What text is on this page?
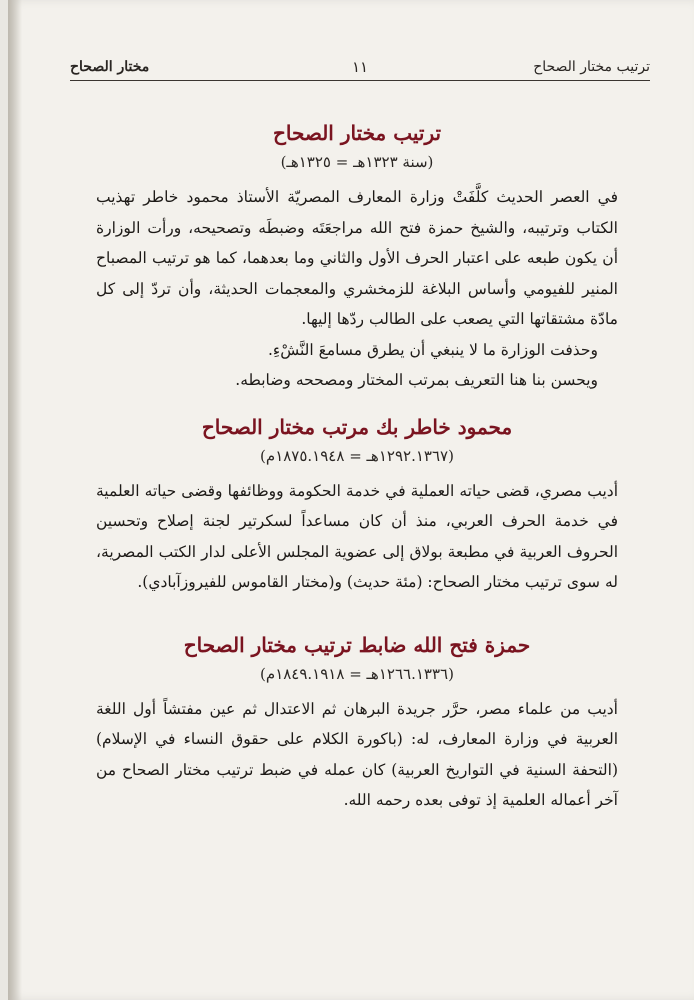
ترتيب مختار الصحاح
١١
مختار الصحاح
ترتيب مختار الصحاح
(سنة ١٣٢٣هـ = ١٣٢٥هـ)

في العصر الحديث كلَّفَتْ وزارة المعارف المصريّة الأستاذ محمود خاطر تهذيب الكتاب وترتيبه، والشيخ حمزة فتح الله مراجعَتَه وضبطَه وتصحيحه، ورأت الوزارة أن يكون طبعه على اعتبار الحرف الأول والثاني وما بعدهما، كما هو ترتيب المصباح المنير للفيومي وأساس البلاغة للزمخشري والمعجمات الحديثة، وأن تردّ إلى كل مادّة مشتقاتها التي يصعب على الطالب ردّها إليها.

وحذفت الوزارة ما لا ينبغي أن يطرق مسامعَ النَّشْءِ.

ويحسن بنا هنا التعريف بمرتب المختار ومصححه وضابطه.

محمود خاطر بك مرتب مختار الصحاح
(١٢٩٢.١٣٦٧هـ = ١٨٧٥.١٩٤٨م)

أديب مصري، قضى حياته العملية في خدمة الحكومة ووظائفها وقضى حياته العلمية في خدمة الحرف العربي، منذ أن كان مساعداً لسكرتير لجنة إصلاح وتحسين الحروف العربية في مطبعة بولاق إلى عضوية المجلس الأعلى لدار الكتب المصرية، له سوى ترتيب مختار الصحاح: (مئة حديث) و(مختار القاموس للفيروزآبادي).

حمزة فتح الله ضابط ترتيب مختار الصحاح
(١٢٦٦.١٣٣٦هـ = ١٨٤٩.١٩١٨م)

أديب من علماء مصر، حرَّر جريدة البرهان ثم الاعتدال ثم عين مفتشاً أول اللغة العربية في وزارة المعارف، له: (باكورة الكلام على حقوق النساء في الإسلام) (التحفة السنية في التواريخ العربية) كان عمله في ضبط ترتيب مختار الصحاح من آخر أعماله العلمية إذ توفى بعده رحمه الله.
